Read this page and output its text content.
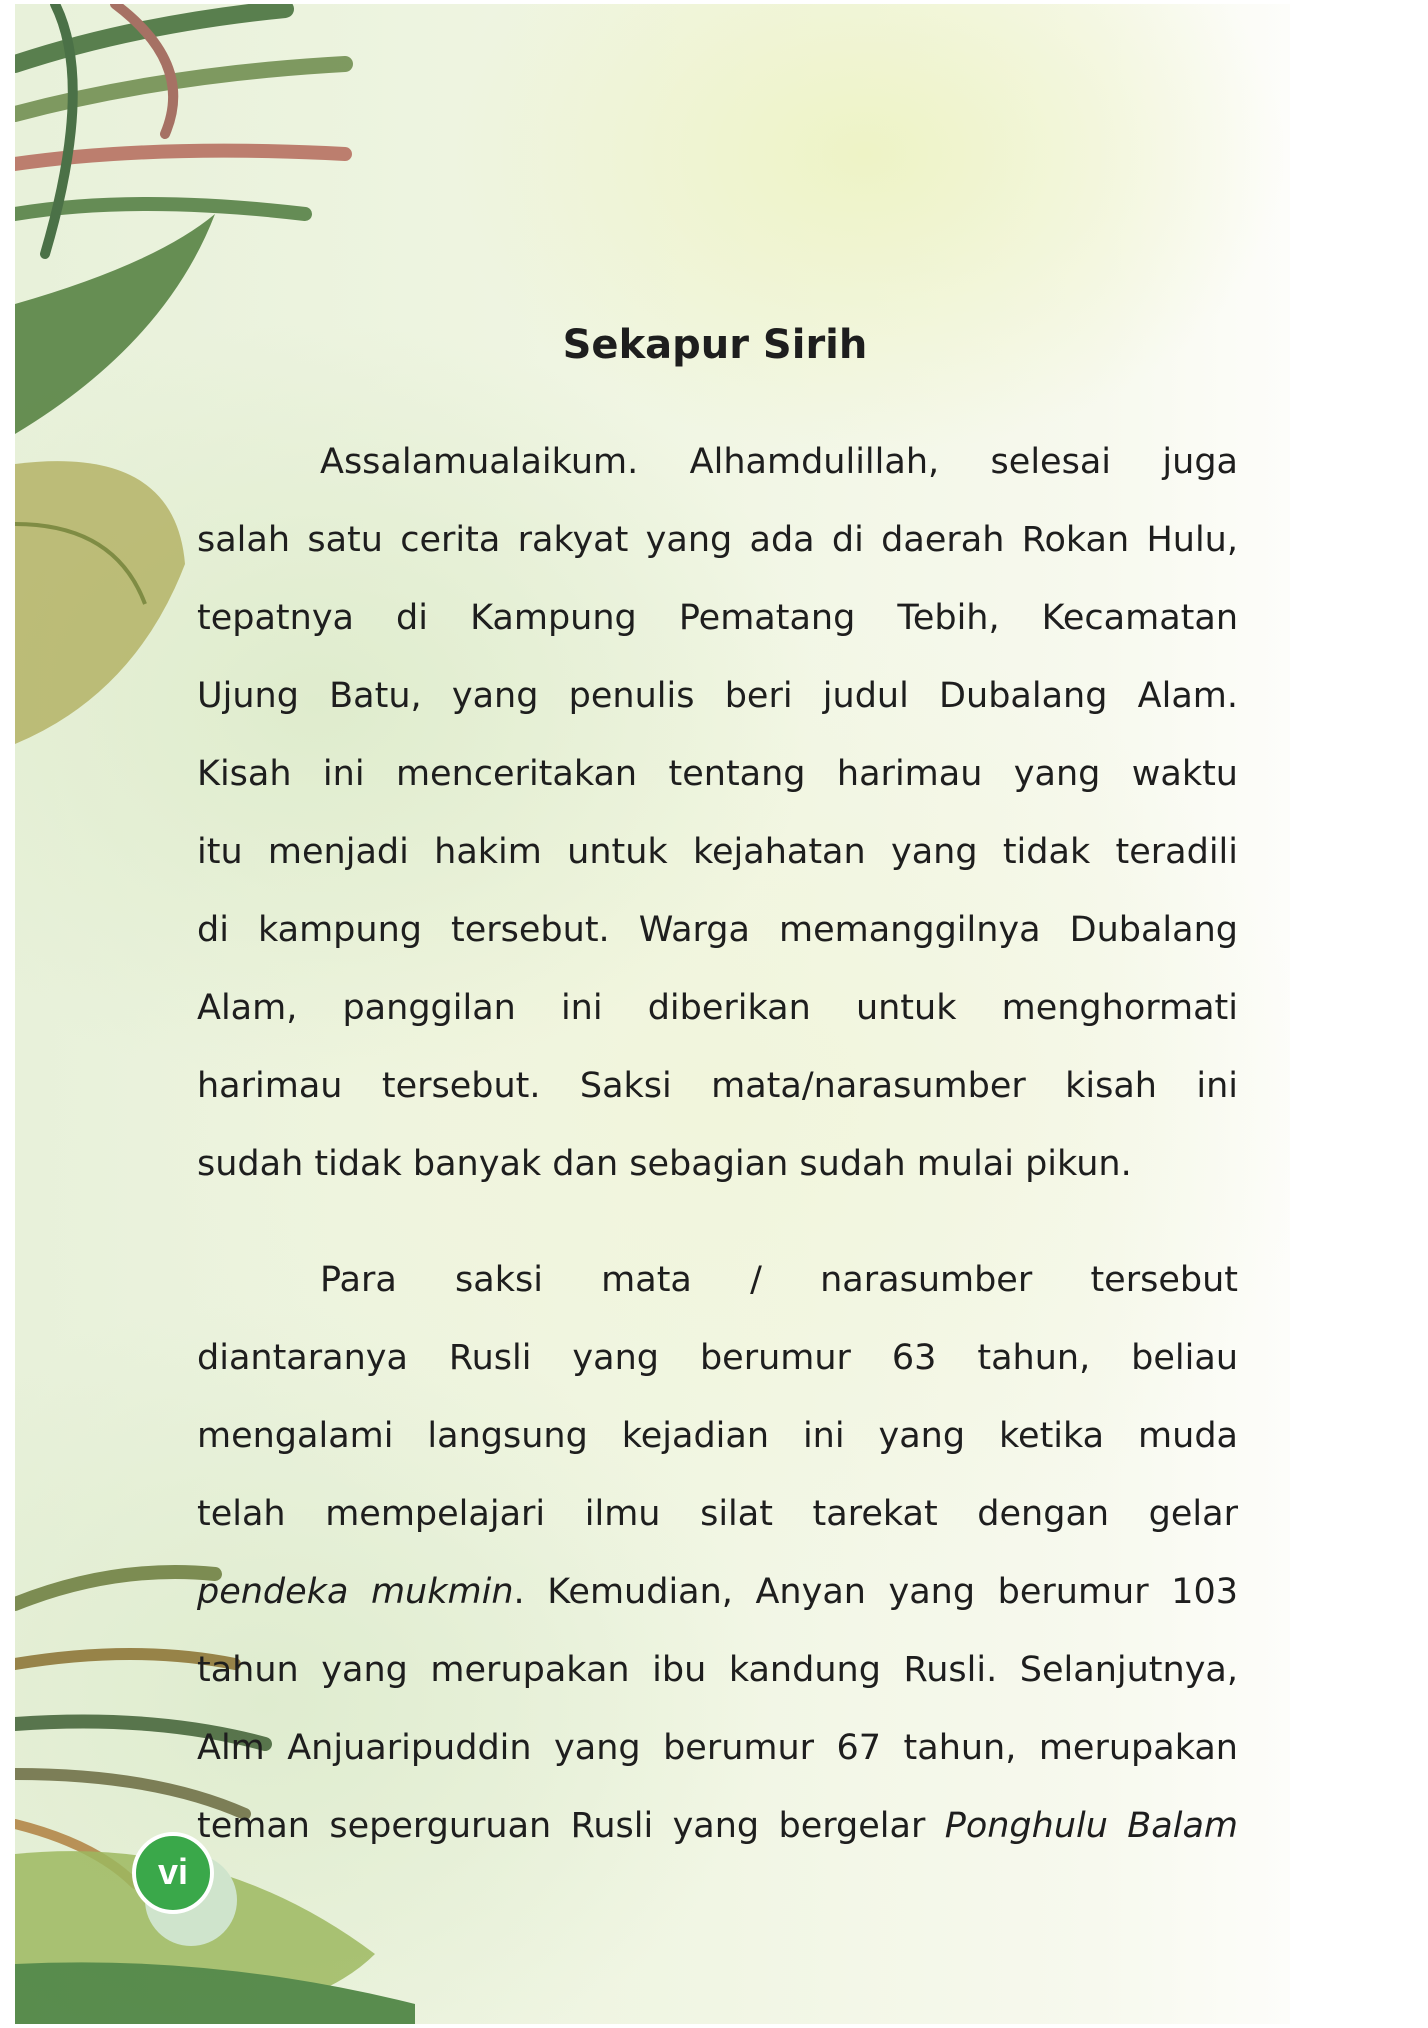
Sekapur Sirih
Assalamualaikum. Alhamdulillah, selesai juga
salah satu cerita rakyat yang ada di daerah Rokan Hulu,
tepatnya di Kampung Pematang Tebih, Kecamatan
Ujung Batu, yang penulis beri judul Dubalang Alam.
Kisah ini menceritakan tentang harimau yang waktu
itu menjadi hakim untuk kejahatan yang tidak teradili
di kampung tersebut. Warga memanggilnya Dubalang
Alam, panggilan ini diberikan untuk menghormati
harimau tersebut. Saksi mata/narasumber kisah ini
sudah tidak banyak dan sebagian sudah mulai pikun.
Para saksi mata / narasumber tersebut
diantaranya Rusli yang berumur 63 tahun, beliau
mengalami langsung kejadian ini yang ketika muda
telah mempelajari ilmu silat tarekat dengan gelar
pendeka mukmin. Kemudian, Anyan yang berumur 103
tahun yang merupakan ibu kandung Rusli. Selanjutnya,
Alm Anjuaripuddin yang berumur 67 tahun, merupakan
teman seperguruan Rusli yang bergelar Ponghulu Balam
vi
